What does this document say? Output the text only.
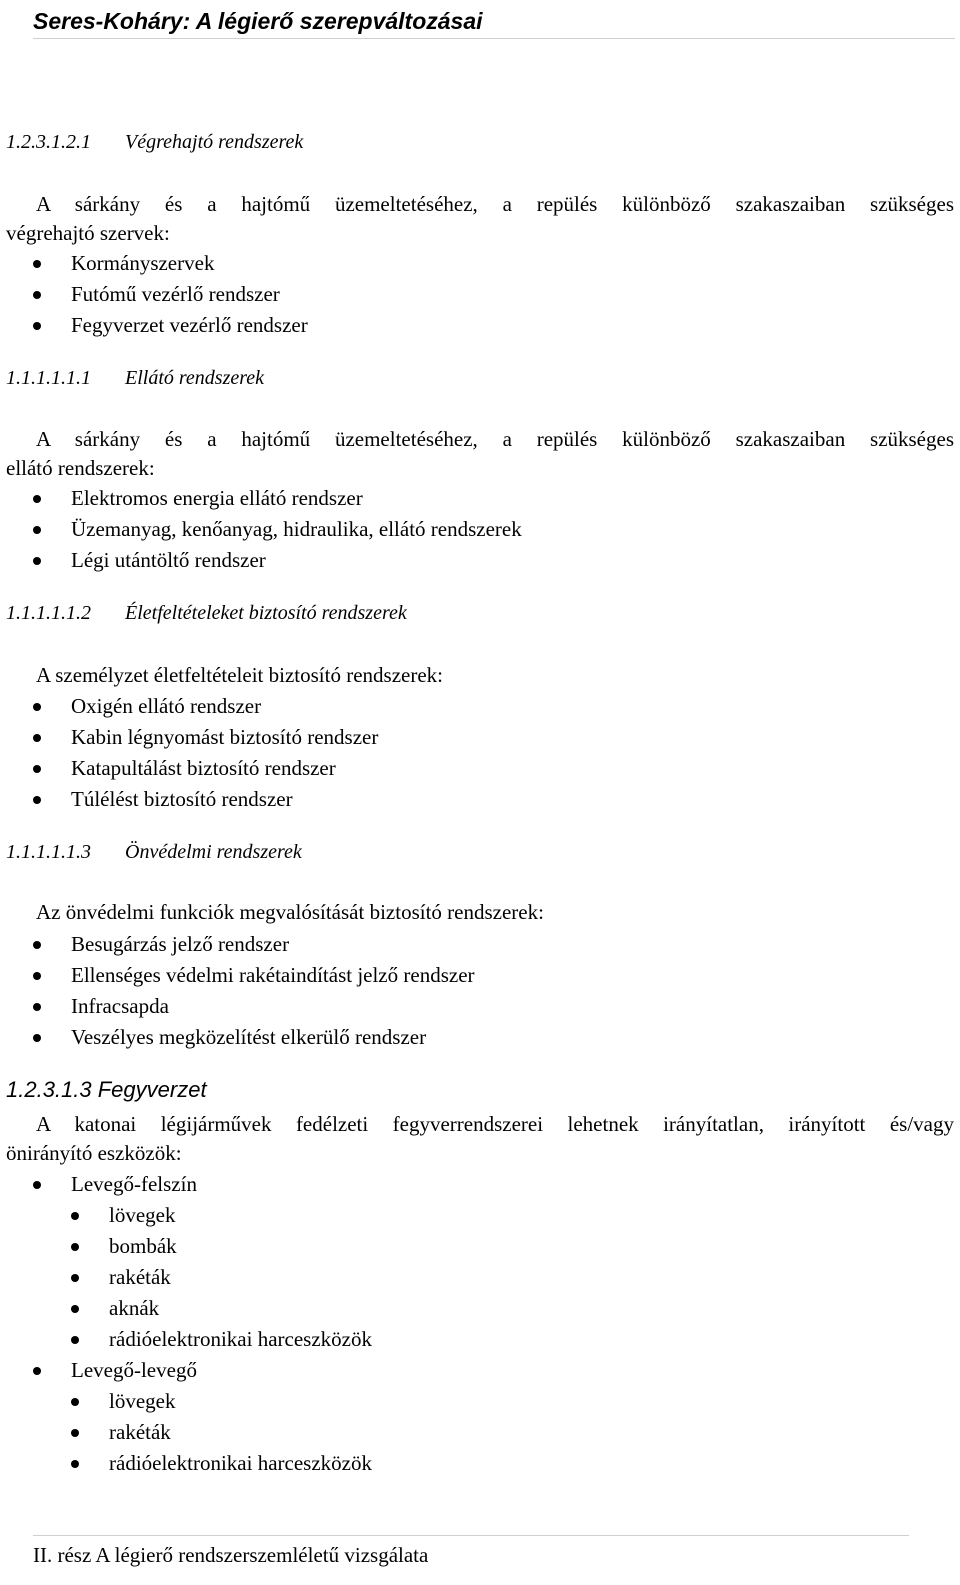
Seres-Koháry: A légierő szerepváltozásai
1.2.3.1.2.1 Végrehajtó rendszerek
A sárkány és a hajtómű üzemeltetéséhez, a repülés különböző szakaszaiban szükséges
végrehajtó szervek:
Kormányszervek
Futómű vezérlő rendszer
Fegyverzet vezérlő rendszer
1.1.1.1.1.1 Ellátó rendszerek
A sárkány és a hajtómű üzemeltetéséhez, a repülés különböző szakaszaiban szükséges
ellátó rendszerek:
Elektromos energia ellátó rendszer
Üzemanyag, kenőanyag, hidraulika, ellátó rendszerek
Légi utántöltő rendszer
1.1.1.1.1.2 Életfeltételeket biztosító rendszerek
A személyzet életfeltételeit biztosító rendszerek:
Oxigén ellátó rendszer
Kabin légnyomást biztosító rendszer
Katapultálást biztosító rendszer
Túlélést biztosító rendszer
1.1.1.1.1.3 Önvédelmi rendszerek
Az önvédelmi funkciók megvalósítását biztosító rendszerek:
Besugárzás jelző rendszer
Ellenséges védelmi rakétaindítást jelző rendszer
Infracsapda
Veszélyes megközelítést elkerülő rendszer
1.2.3.1.3 Fegyverzet
A katonai légijárművek fedélzeti fegyverrendszerei lehetnek irányítatlan, irányított és/vagy
önirányító eszközök:
Levegő-felszín
lövegek
bombák
rakéták
aknák
rádióelektronikai harceszközök
Levegő-levegő
lövegek
rakéták
rádióelektronikai harceszközök
II. rész A légierő rendszerszemléletű vizsgálata
